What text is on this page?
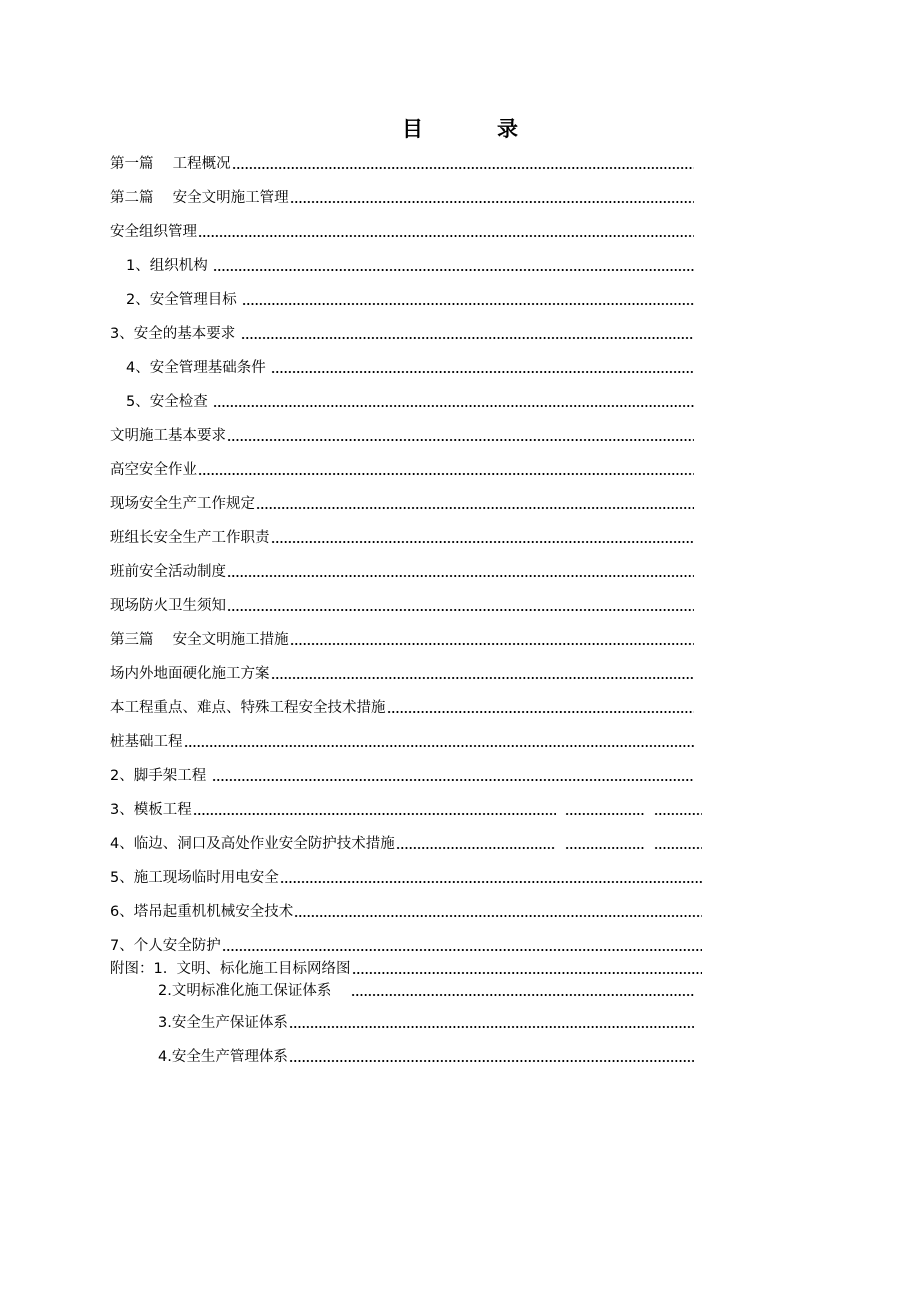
目	录
第一篇　 工程概况
第二篇　 安全文明施工管理
安全组织管理
1、组织机构
2、安全管理目标
3、安全的基本要求
4、安全管理基础条件
5、安全检查
文明施工基本要求
高空安全作业
现场安全生产工作规定
班组长安全生产工作职责
班前安全活动制度
现场防火卫生须知
第三篇　 安全文明施工措施
场内外地面硬化施工方案
本工程重点、难点、特殊工程安全技术措施
桩基础工程
2、脚手架工程
3、模板工程
4、临边、洞口及高处作业安全防护技术措施
5、施工现场临时用电安全
6、塔吊起重机机械安全技术
7、个人安全防护
附图：1.  文明、标化施工目标网络图
2.文明标准化施工保证体系　
3.安全生产保证体系
4.安全生产管理体系
